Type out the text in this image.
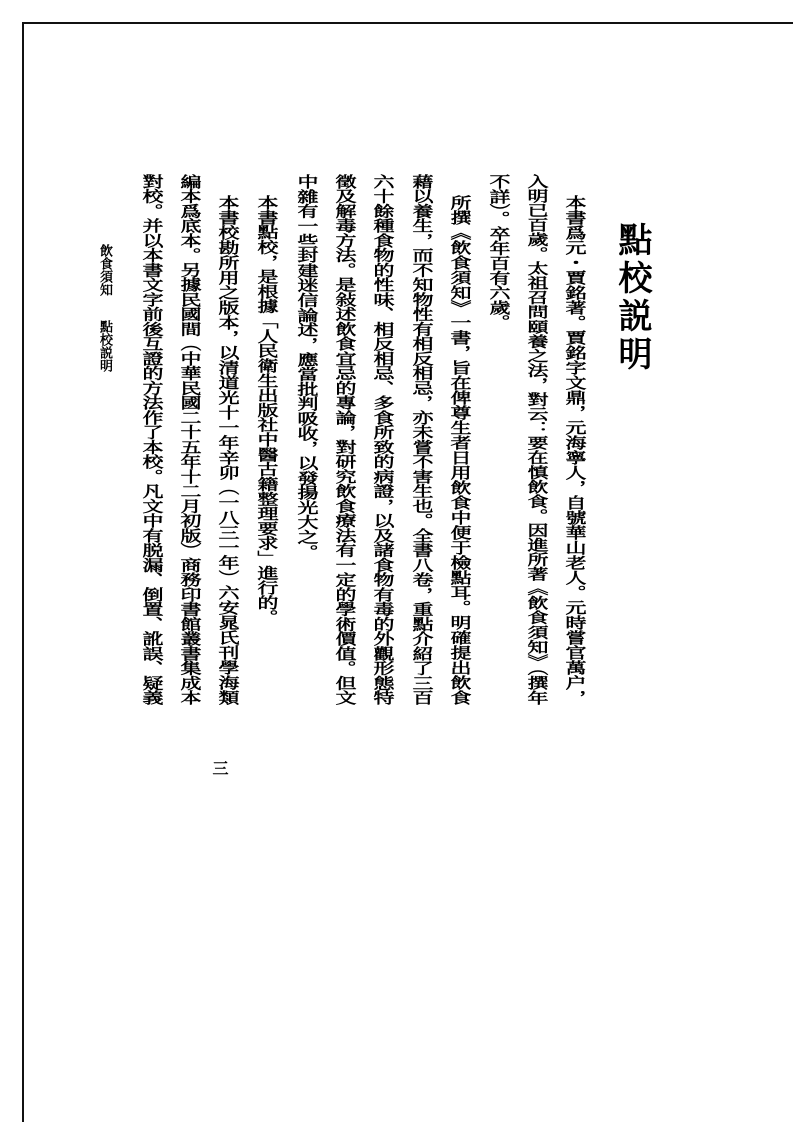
點校説明
本書爲元・賈銘著。賈銘字文鼎，元海寧人，自號華山老人。元時嘗官萬户，
入明已百歲。太祖召問頤養之法，對云：要在慎飲食。因進所著《飲食須知》（撰年
不詳）。卒年百有六歲。
所撰《飲食須知》一書，旨在俾尊生者日用飲食中便于檢點耳。明確提出飲食
藉以養生，而不知物性有相反相忌，亦未嘗不害生也。全書八卷，重點介紹了三百
六十餘種食物的性味、相反相忌、多食所致的病證，以及諸食物有毒的外觀形態特
徵及解毒方法。是敍述飲食宜忌的專論，對研究飲食療法有一定的學術價值。但文
中雜有一些封建迷信論述，應當批判吸收，以發揚光大之。
本書點校，是根據「人民衛生出版社中醫古籍整理要求」進行的。
本書校勘所用之版本，以清道光十一年辛卯（一八三一年）六安晁氏刊學海類
編本爲底本。另據民國間（中華民國二十五年十二月初版）商務印書館叢書集成本
對校。并以本書文字前後互證的方法作了本校。凡文中有脱漏、倒置、訛誤、疑義
飲食須知
點校説明
三
